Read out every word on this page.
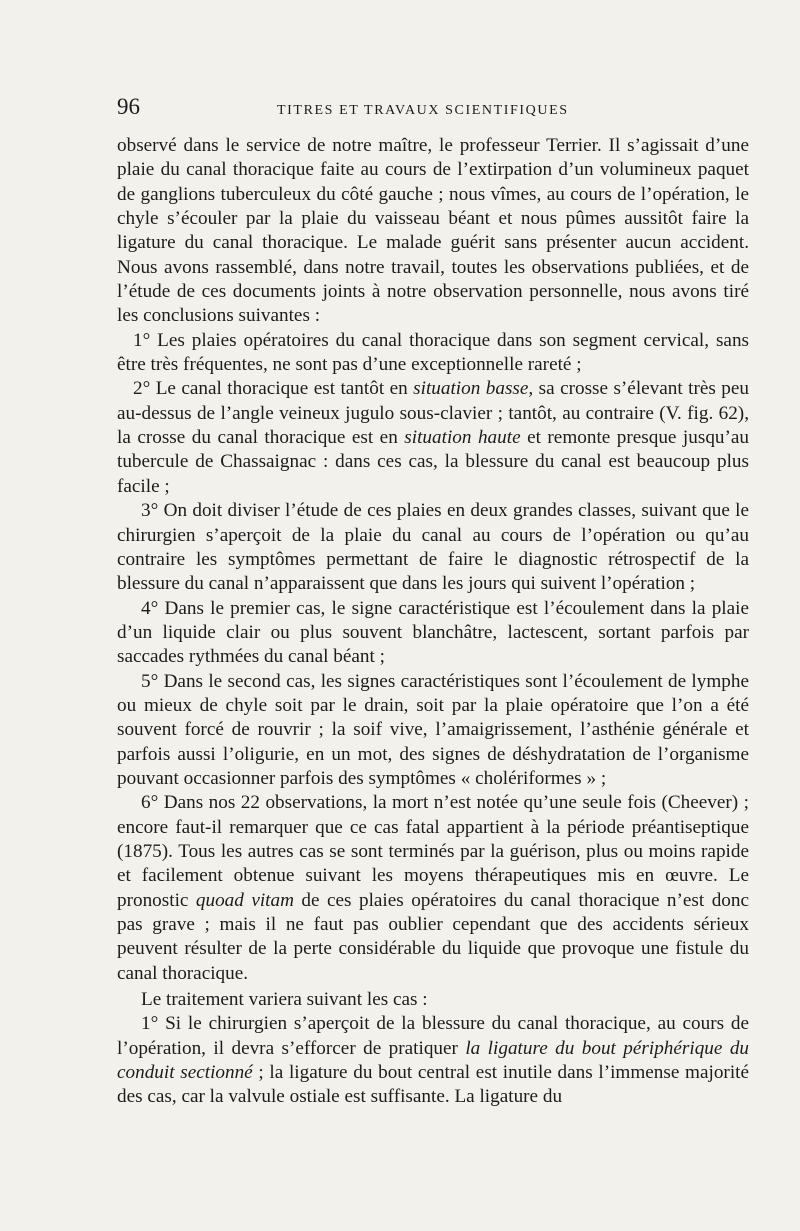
96	TITRES ET TRAVAUX SCIENTIFIQUES

observé dans le service de notre maître, le professeur Terrier. Il s’agissait d’une plaie du canal thoracique faite au cours de l’extirpation d’un volumineux paquet de ganglions tuberculeux du côté gauche ; nous vîmes, au cours de l’opération, le chyle s’écouler par la plaie du vaisseau béant et nous pûmes aussitôt faire la ligature du canal thoracique. Le malade guérit sans présenter aucun accident. Nous avons rassemblé, dans notre travail, toutes les observations publiées, et de l’étude de ces documents joints à notre observation personnelle, nous avons tiré les conclusions suivantes :

1° Les plaies opératoires du canal thoracique dans son segment cervical, sans être très fréquentes, ne sont pas d’une exceptionnelle rareté ;

2° Le canal thoracique est tantôt en situation basse, sa crosse s’élevant très peu au-dessus de l’angle veineux jugulo sous-clavier ; tantôt, au contraire (V. fig. 62), la crosse du canal thoracique est en situation haute et remonte presque jusqu’au tubercule de Chassaignac : dans ces cas, la blessure du canal est beaucoup plus facile ;

3° On doit diviser l’étude de ces plaies en deux grandes classes, suivant que le chirurgien s’aperçoit de la plaie du canal au cours de l’opération ou qu’au contraire les symptômes permettant de faire le diagnostic rétrospectif de la blessure du canal n’apparaissent que dans les jours qui suivent l’opération ;

4° Dans le premier cas, le signe caractéristique est l’écoulement dans la plaie d’un liquide clair ou plus souvent blanchâtre, lactescent, sortant parfois par saccades rythmées du canal béant ;

5° Dans le second cas, les signes caractéristiques sont l’écoulement de lymphe ou mieux de chyle soit par le drain, soit par la plaie opératoire que l’on a été souvent forcé de rouvrir ; la soif vive, l’amaigrissement, l’asthénie générale et parfois aussi l’oligurie, en un mot, des signes de déshydratation de l’organisme pouvant occasionner parfois des symptômes « cholériformes » ;

6° Dans nos 22 observations, la mort n’est notée qu’une seule fois (Cheever) ; encore faut-il remarquer que ce cas fatal appartient à la période préantiseptique (1875). Tous les autres cas se sont terminés par la guérison, plus ou moins rapide et facilement obtenue suivant les moyens thérapeutiques mis en œuvre. Le pronostic quoad vitam de ces plaies opératoires du canal thoracique n’est donc pas grave ; mais il ne faut pas oublier cependant que des accidents sérieux peuvent résulter de la perte considérable du liquide que provoque une fistule du canal thoracique.

Le traitement variera suivant les cas :

1° Si le chirurgien s’aperçoit de la blessure du canal thoracique, au cours de l’opération, il devra s’efforcer de pratiquer la ligature du bout périphérique du conduit sectionné ; la ligature du bout central est inutile dans l’immense majorité des cas, car la valvule ostiale est suffisante. La ligature du
